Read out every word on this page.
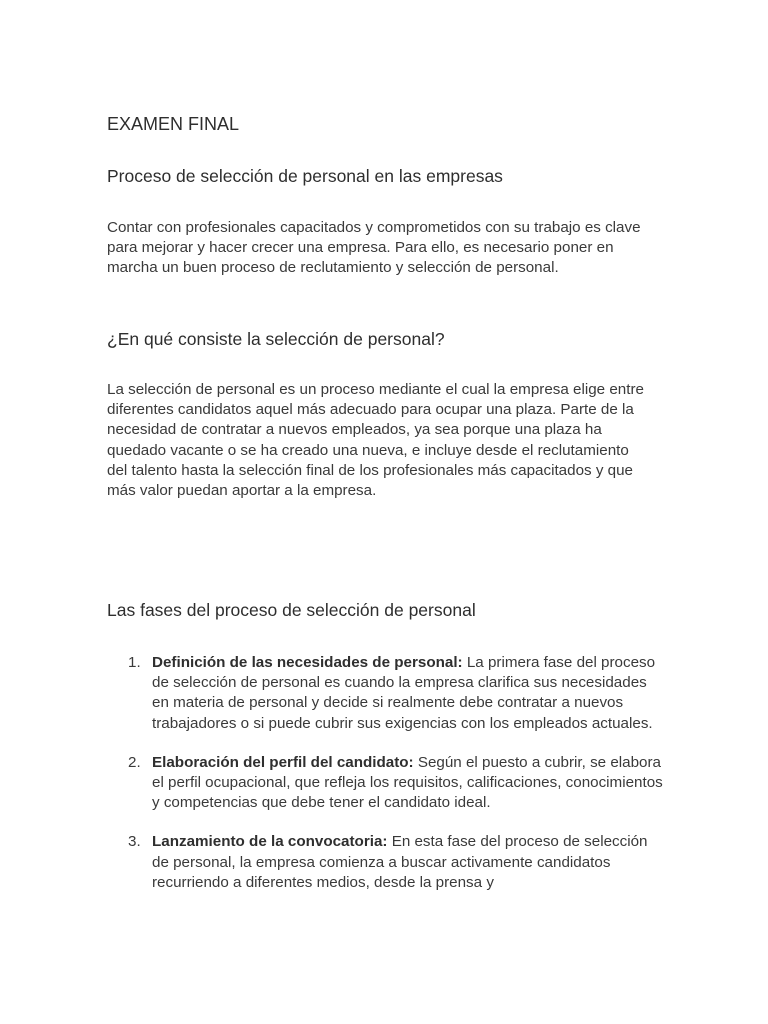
EXAMEN FINAL
Proceso de selección de personal en las empresas

Contar con profesionales capacitados y comprometidos con su trabajo es clave para mejorar y hacer crecer una empresa. Para ello, es necesario poner en marcha un buen proceso de reclutamiento y selección de personal.

¿En qué consiste la selección de personal?

La selección de personal es un proceso mediante el cual la empresa elige entre diferentes candidatos aquel más adecuado para ocupar una plaza. Parte de la necesidad de contratar a nuevos empleados, ya sea porque una plaza ha quedado vacante o se ha creado una nueva, e incluye desde el reclutamiento del talento hasta la selección final de los profesionales más capacitados y que más valor puedan aportar a la empresa.

Las fases del proceso de selección de personal
1. Definición de las necesidades de personal: La primera fase del proceso de selección de personal es cuando la empresa clarifica sus necesidades en materia de personal y decide si realmente debe contratar a nuevos trabajadores o si puede cubrir sus exigencias con los empleados actuales.
2. Elaboración del perfil del candidato: Según el puesto a cubrir, se elabora el perfil ocupacional, que refleja los requisitos, calificaciones, conocimientos y competencias que debe tener el candidato ideal.
3. Lanzamiento de la convocatoria: En esta fase del proceso de selección de personal, la empresa comienza a buscar activamente candidatos recurriendo a diferentes medios, desde la prensa y
